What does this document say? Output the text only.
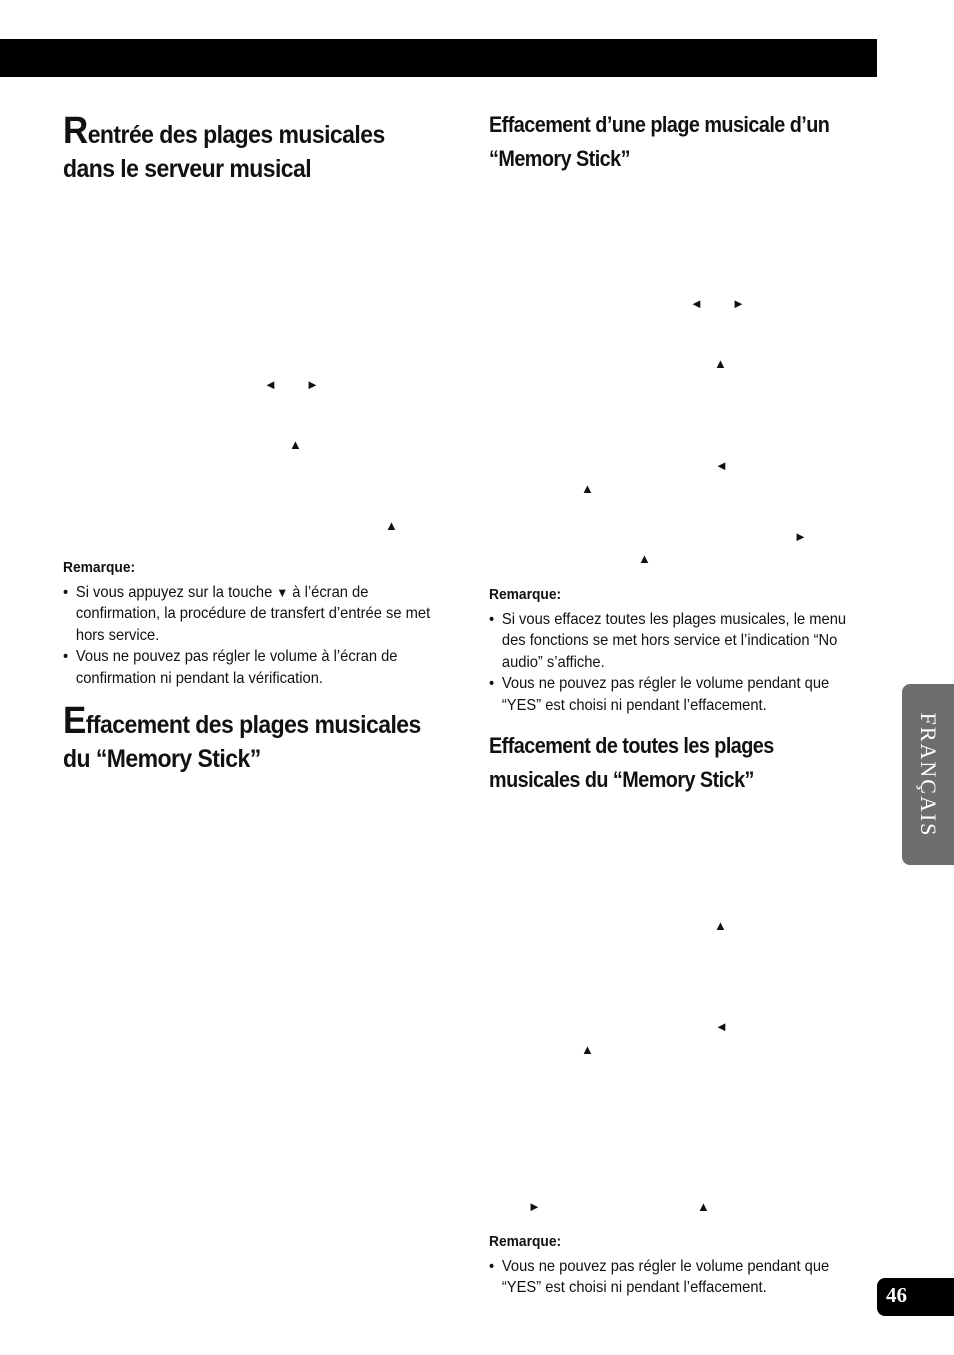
Rentrée des plages musicales
dans le serveur musical
◄ ►
▲
▲
Remarque:
• Si vous appuyez sur la touche ▼ à l’écran de confirmation, la procédure de transfert d’entrée se met hors service.
• Vous ne pouvez pas régler le volume à l’écran de confirmation ni pendant la vérification.
Effacement des plages musicales
du “Memory Stick”
Effacement d’une plage musicale d’un “Memory Stick”
◄ ►
▲
◄
▲
►
▲
Remarque:
• Si vous effacez toutes les plages musicales, le menu des fonctions se met hors service et l’indication “No audio” s’affiche.
• Vous ne pouvez pas régler le volume pendant que “YES” est choisi ni pendant l’effacement.
Effacement de toutes les plages musicales du “Memory Stick”
▲
◄
▲
►	▲
Remarque:
• Vous ne pouvez pas régler le volume pendant que “YES” est choisi ni pendant l’effacement.
FRANÇAIS
46
